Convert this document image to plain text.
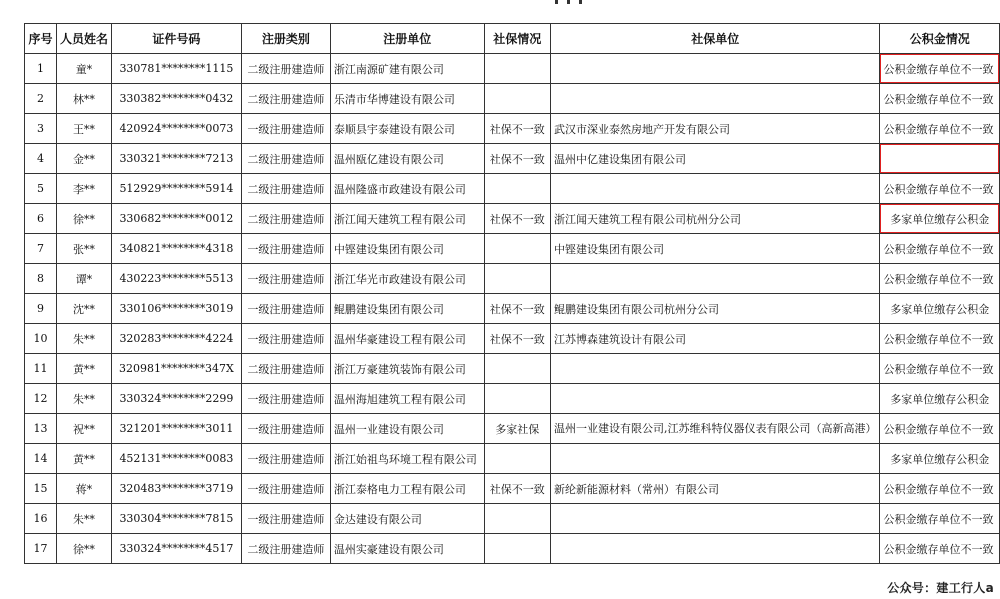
序号	人员姓名	证件号码	注册类别	注册单位	社保情况	社保单位	公积金情况
1	童*	330781********1115	二级注册建造师	浙江南源矿建有限公司			公积金缴存单位不一致
2	林**	330382********0432	二级注册建造师	乐清市华博建设有限公司			公积金缴存单位不一致
3	王**	420924********0073	一级注册建造师	泰顺县宇泰建设有限公司	社保不一致	武汉市深业泰然房地产开发有限公司	公积金缴存单位不一致
4	金**	330321********7213	二级注册建造师	温州瓯亿建设有限公司	社保不一致	温州中亿建设集团有限公司	
5	李**	512929********5914	二级注册建造师	温州隆盛市政建设有限公司			公积金缴存单位不一致
6	徐**	330682********0012	二级注册建造师	浙江闻天建筑工程有限公司	社保不一致	浙江闻天建筑工程有限公司杭州分公司	多家单位缴存公积金
7	张**	340821********4318	一级注册建造师	中铿建设集团有限公司		中铿建设集团有限公司	公积金缴存单位不一致
8	谭*	430223********5513	一级注册建造师	浙江华光市政建设有限公司			公积金缴存单位不一致
9	沈**	330106********3019	一级注册建造师	鲲鹏建设集团有限公司	社保不一致	鲲鹏建设集团有限公司杭州分公司	多家单位缴存公积金
10	朱**	320283********4224	一级注册建造师	温州华豪建设工程有限公司	社保不一致	江苏博森建筑设计有限公司	公积金缴存单位不一致
11	黄**	320981********347X	二级注册建造师	浙江万豪建筑装饰有限公司			公积金缴存单位不一致
12	朱**	330324********2299	一级注册建造师	温州海旭建筑工程有限公司			多家单位缴存公积金
13	祝**	321201********3011	一级注册建造师	温州一业建设有限公司	多家社保	温州一业建设有限公司,江苏维科特仪器仪表有限公司（高新高港）	公积金缴存单位不一致
14	黄**	452131********0083	一级注册建造师	浙江始祖鸟环境工程有限公司			多家单位缴存公积金
15	蒋*	320483********3719	一级注册建造师	浙江泰格电力工程有限公司	社保不一致	新纶新能源材料（常州）有限公司	公积金缴存单位不一致
16	朱**	330304********7815	一级注册建造师	金达建设有限公司			公积金缴存单位不一致
17	徐**	330324********4517	二级注册建造师	温州实豪建设有限公司			公积金缴存单位不一致
公众号：建工行人a
